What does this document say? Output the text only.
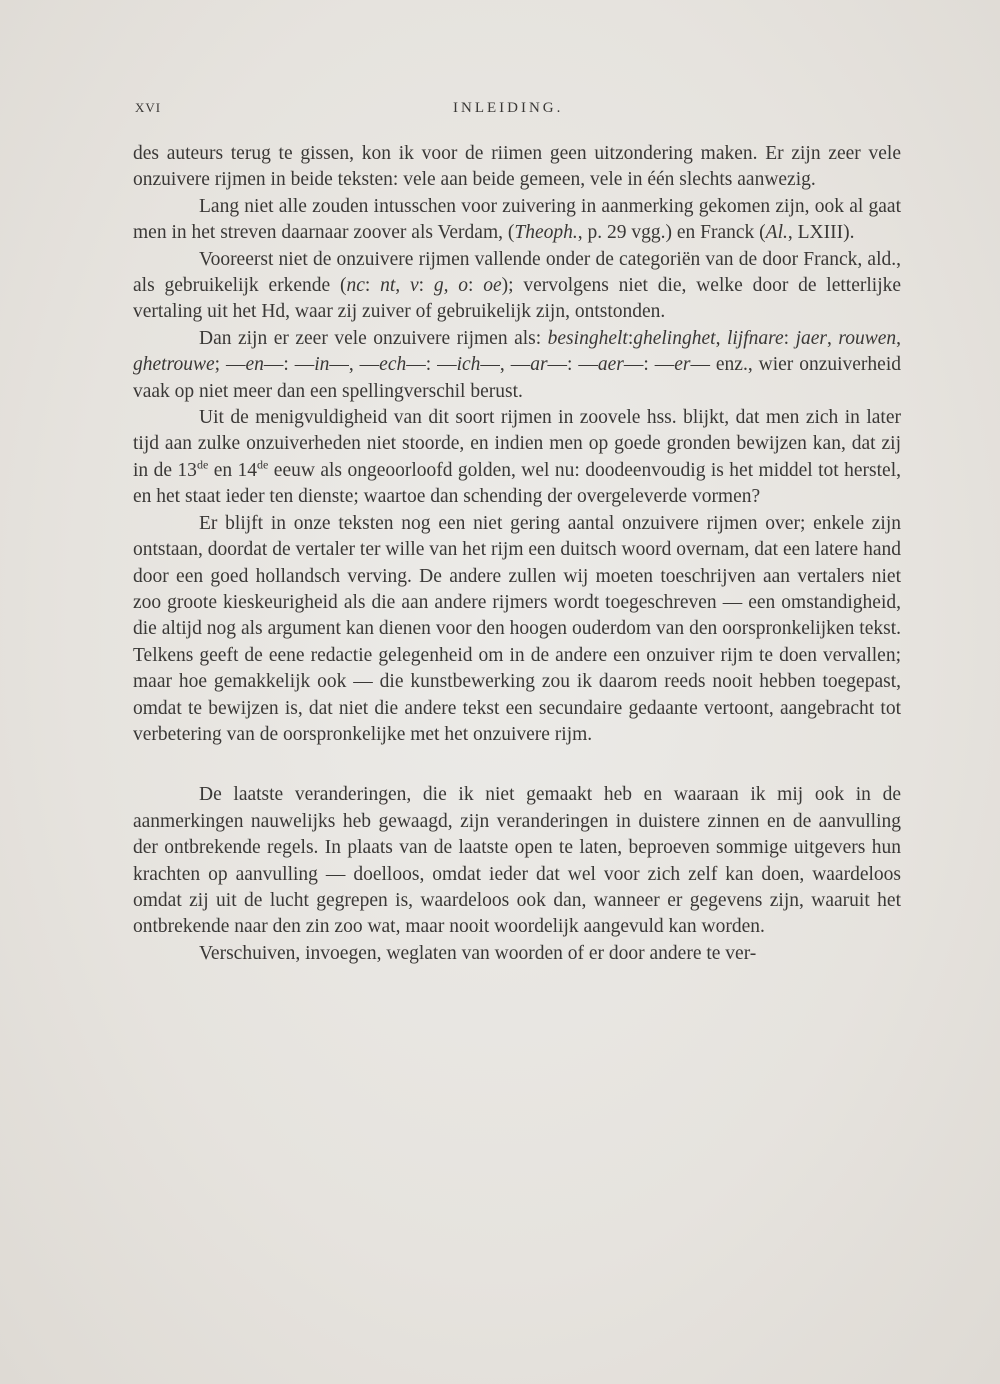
XVI	INLEIDING.

des auteurs terug te gissen, kon ik voor de riimen geen uitzondering maken. Er zijn zeer vele onzuivere rijmen in beide teksten: vele aan beide gemeen, vele in één slechts aanwezig.

Lang niet alle zouden intusschen voor zuivering in aanmerking gekomen zijn, ook al gaat men in het streven daarnaar zoover als Verdam, (Theoph., p. 29 vgg.) en Franck (Al., LXIII).

Vooreerst niet de onzuivere rijmen vallende onder de categoriën van de door Franck, ald., als gebruikelijk erkende (nc: nt, v: g, o: oe); vervolgens niet die, welke door de letterlijke vertaling uit het Hd, waar zij zuiver of gebruikelijk zijn, ontstonden.

Dan zijn er zeer vele onzuivere rijmen als: besinghelt:ghelinghet, lijfnare: jaer, rouwen, ghetrouwe; —en—: —in—, —ech—: —ich—, —ar—: —aer—: —er— enz., wier onzuiverheid vaak op niet meer dan een spellingverschil berust.

Uit de menigvuldigheid van dit soort rijmen in zoovele hss. blijkt, dat men zich in later tijd aan zulke onzuiverheden niet stoorde, en indien men op goede gronden bewijzen kan, dat zij in de 13de en 14de eeuw als ongeoorloofd golden, wel nu: doodeenvoudig is het middel tot herstel, en het staat ieder ten dienste; waartoe dan schending der overgeleverde vormen?

Er blijft in onze teksten nog een niet gering aantal onzuivere rijmen over; enkele zijn ontstaan, doordat de vertaler ter wille van het rijm een duitsch woord overnam, dat een latere hand door een goed hollandsch verving. De andere zullen wij moeten toeschrijven aan vertalers niet zoo groote kieskeurigheid als die aan andere rijmers wordt toegeschreven — een omstandigheid, die altijd nog als argument kan dienen voor den hoogen ouderdom van den oorspronkelijken tekst. Telkens geeft de eene redactie gelegenheid om in de andere een onzuiver rijm te doen vervallen; maar hoe gemakkelijk ook — die kunstbewerking zou ik daarom reeds nooit hebben toegepast, omdat te bewijzen is, dat niet die andere tekst een secundaire gedaante vertoont, aangebracht tot verbetering van de oorspronkelijke met het onzuivere rijm.

De laatste veranderingen, die ik niet gemaakt heb en waaraan ik mij ook in de aanmerkingen nauwelijks heb gewaagd, zijn veranderingen in duistere zinnen en de aanvulling der ontbrekende regels. In plaats van de laatste open te laten, beproeven sommige uitgevers hun krachten op aanvulling — doelloos, omdat ieder dat wel voor zich zelf kan doen, waardeloos omdat zij uit de lucht gegrepen is, waardeloos ook dan, wanneer er gegevens zijn, waaruit het ontbrekende naar den zin zoo wat, maar nooit woordelijk aangevuld kan worden.

Verschuiven, invoegen, weglaten van woorden of er door andere te ver-
